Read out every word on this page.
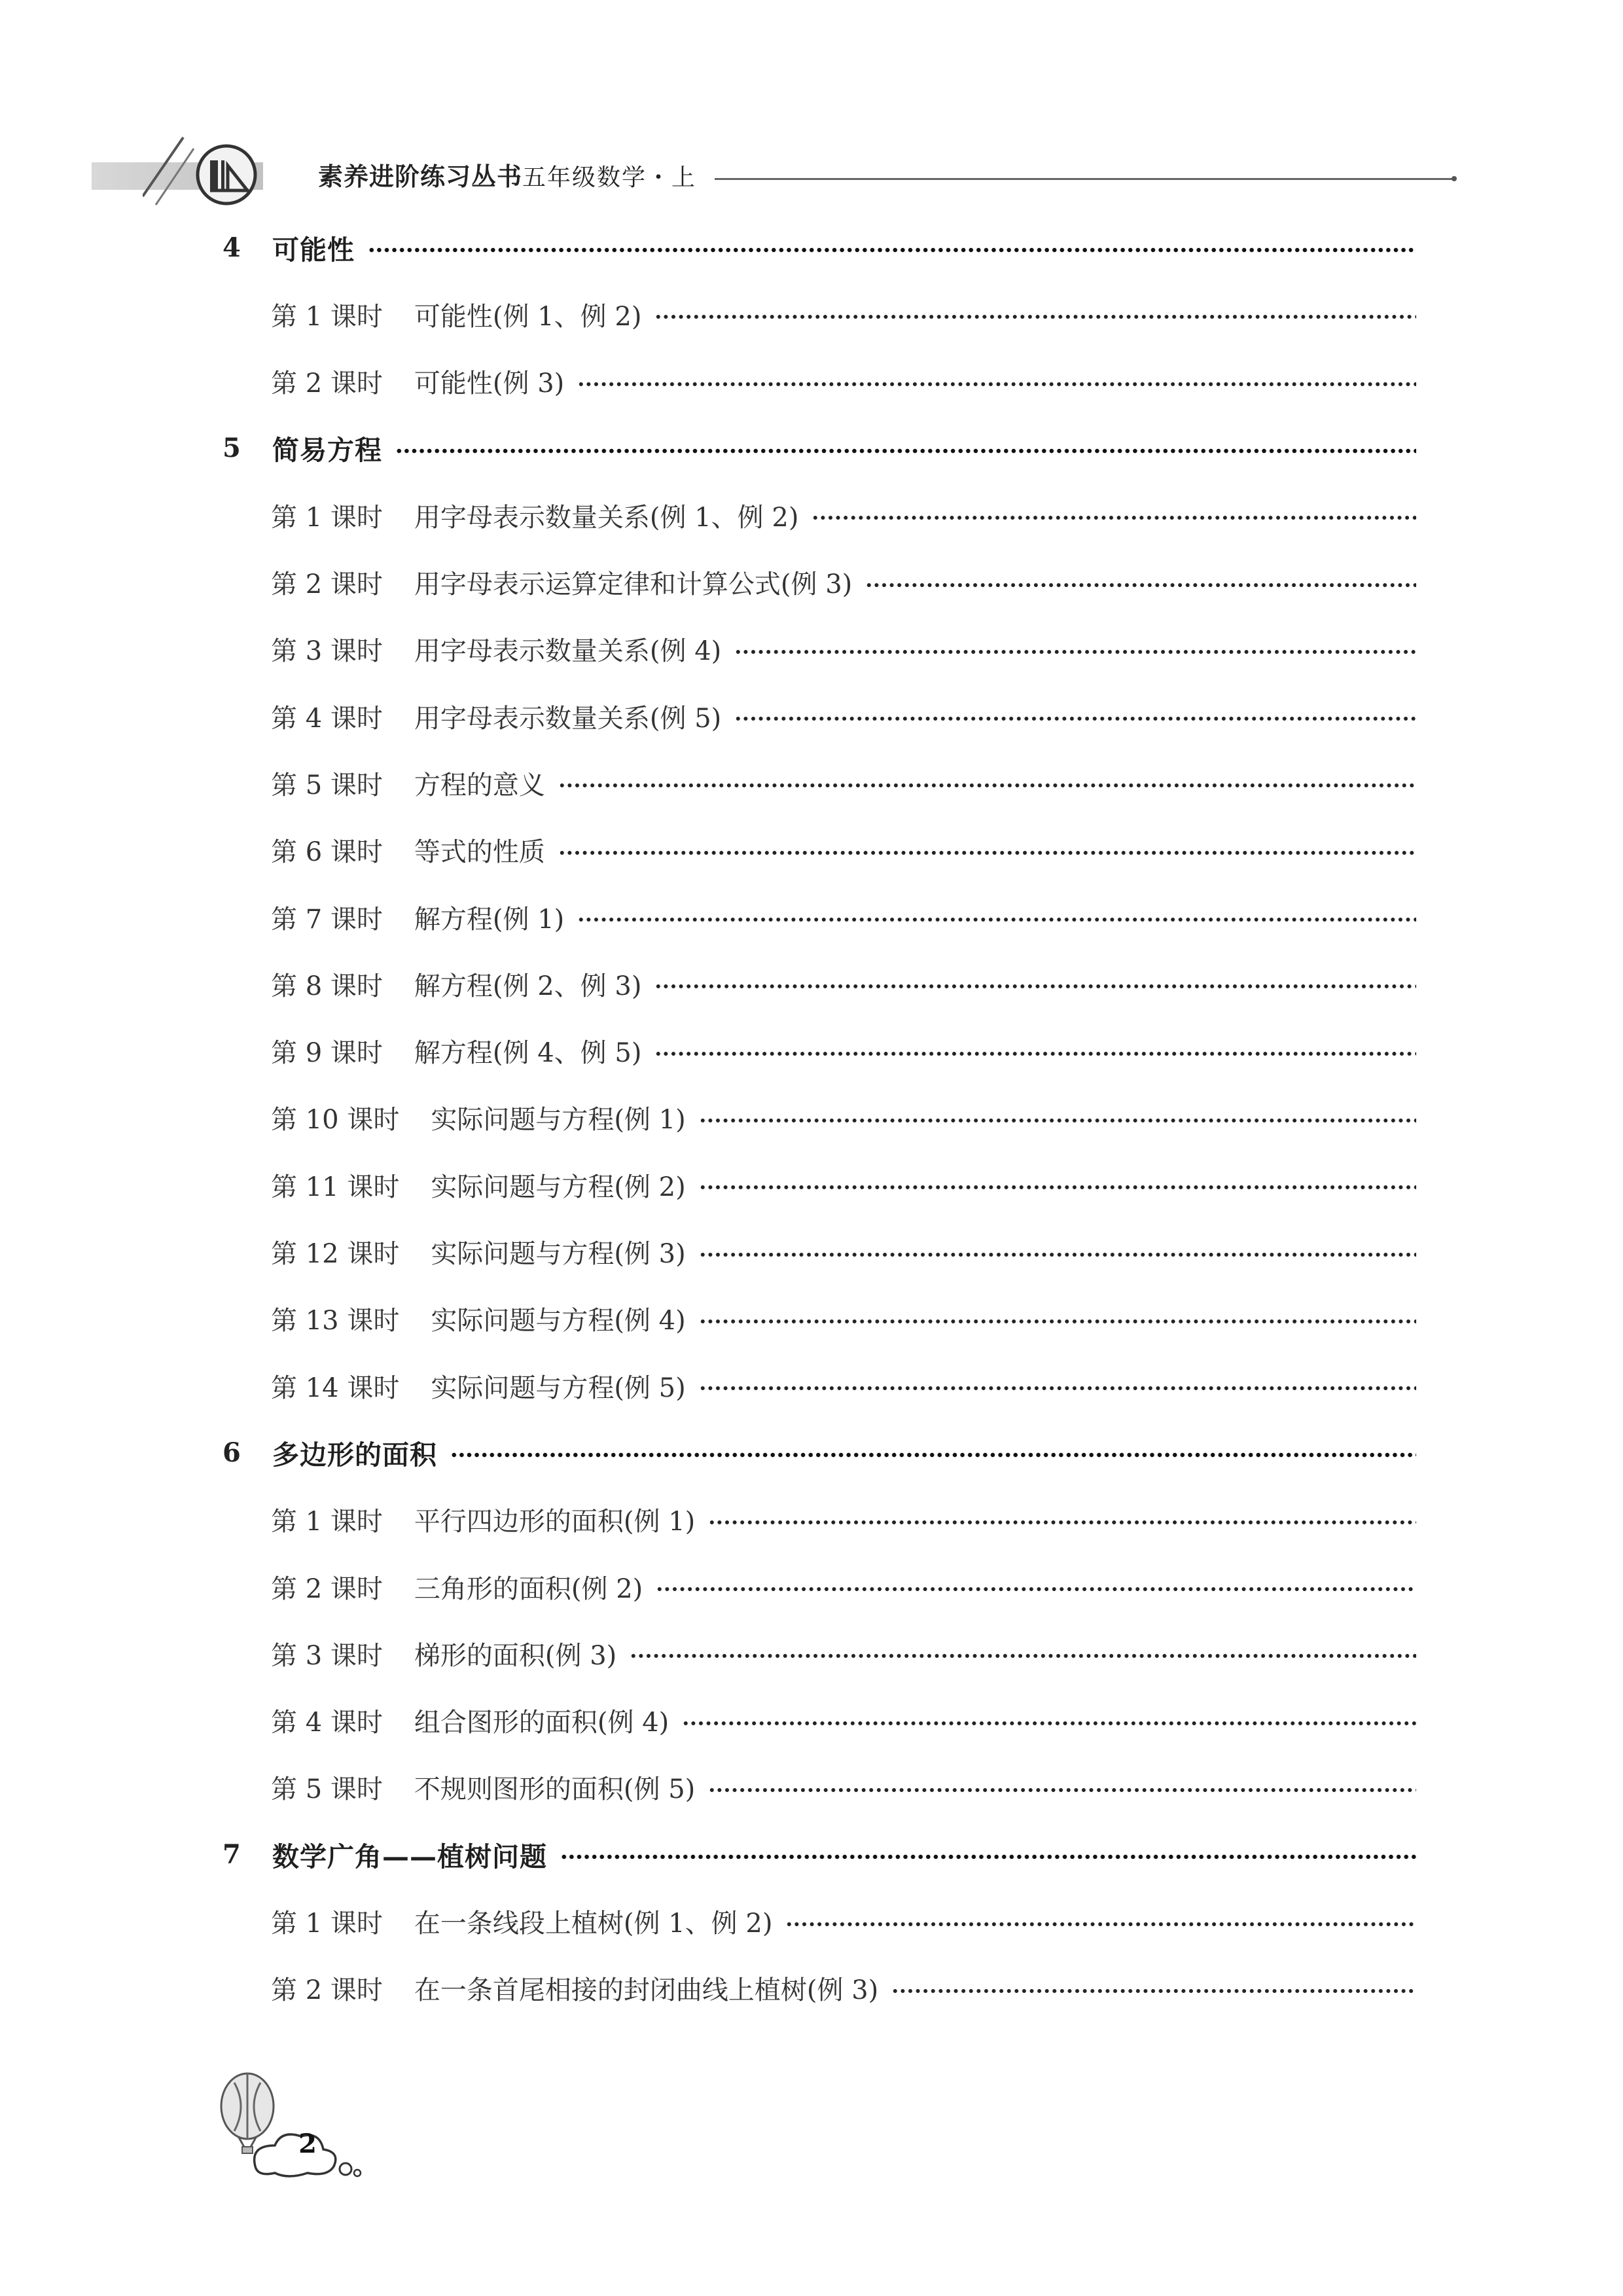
素养进阶练习丛书五年级数学・上
4	可能性
第 1 课时 可能性(例 1、例 2)
第 2 课时 可能性(例 3)
5	简易方程
第 1 课时 用字母表示数量关系(例 1、例 2)
第 2 课时 用字母表示运算定律和计算公式(例 3)
第 3 课时 用字母表示数量关系(例 4)
第 4 课时 用字母表示数量关系(例 5)
第 5 课时 方程的意义
第 6 课时 等式的性质
第 7 课时 解方程(例 1)
第 8 课时 解方程(例 2、例 3)
第 9 课时 解方程(例 4、例 5)
第 10 课时 实际问题与方程(例 1)
第 11 课时 实际问题与方程(例 2)
第 12 课时 实际问题与方程(例 3)
第 13 课时 实际问题与方程(例 4)
第 14 课时 实际问题与方程(例 5)
6	多边形的面积
第 1 课时 平行四边形的面积(例 1)
第 2 课时 三角形的面积(例 2)
第 3 课时 梯形的面积(例 3)
第 4 课时 组合图形的面积(例 4)
第 5 课时 不规则图形的面积(例 5)
7	数学广角——植树问题
第 1 课时 在一条线段上植树(例 1、例 2)
第 2 课时 在一条首尾相接的封闭曲线上植树(例 3)
2
